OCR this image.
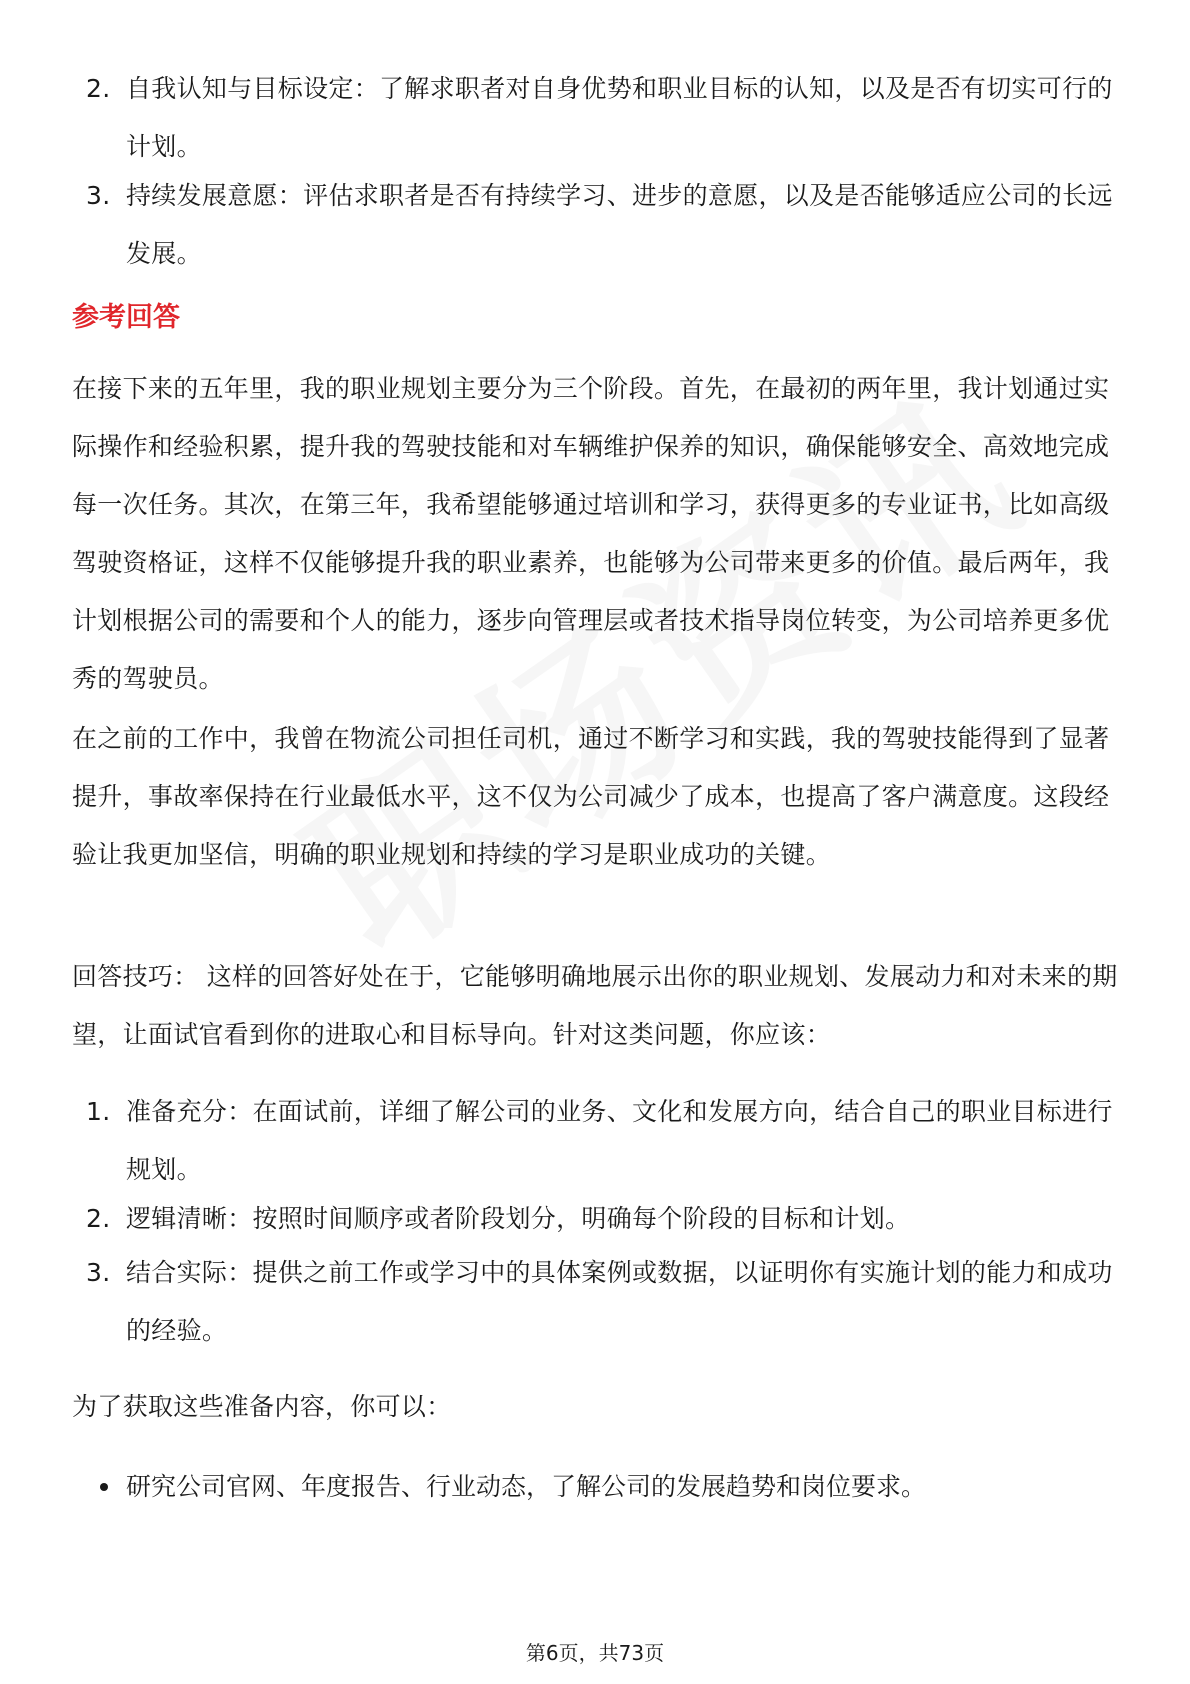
2. 自我认知与目标设定：了解求职者对自身优势和职业目标的认知，以及是否有切实可行的计划。
3. 持续发展意愿：评估求职者是否有持续学习、进步的意愿，以及是否能够适应公司的长远发展。
参考回答

在接下来的五年里，我的职业规划主要分为三个阶段。首先，在最初的两年里，我计划通过实际操作和经验积累，提升我的驾驶技能和对车辆维护保养的知识，确保能够安全、高效地完成每一次任务。其次，在第三年，我希望能够通过培训和学习，获得更多的专业证书，比如高级驾驶资格证，这样不仅能够提升我的职业素养，也能够为公司带来更多的价值。最后两年，我计划根据公司的需要和个人的能力，逐步向管理层或者技术指导岗位转变，为公司培养更多优秀的驾驶员。

在之前的工作中，我曾在物流公司担任司机，通过不断学习和实践，我的驾驶技能得到了显著提升，事故率保持在行业最低水平，这不仅为公司减少了成本，也提高了客户满意度。这段经验让我更加坚信，明确的职业规划和持续的学习是职业成功的关键。

回答技巧： 这样的回答好处在于，它能够明确地展示出你的职业规划、发展动力和对未来的期望，让面试官看到你的进取心和目标导向。针对这类问题，你应该：

1. 准备充分：在面试前，详细了解公司的业务、文化和发展方向，结合自己的职业目标进行规划。
2. 逻辑清晰：按照时间顺序或者阶段划分，明确每个阶段的目标和计划。
3. 结合实际：提供之前工作或学习中的具体案例或数据，以证明你有实施计划的能力和成功的经验。

为了获取这些准备内容，你可以：

研究公司官网、年度报告、行业动态，了解公司的发展趋势和岗位要求。
第6页，共73页
